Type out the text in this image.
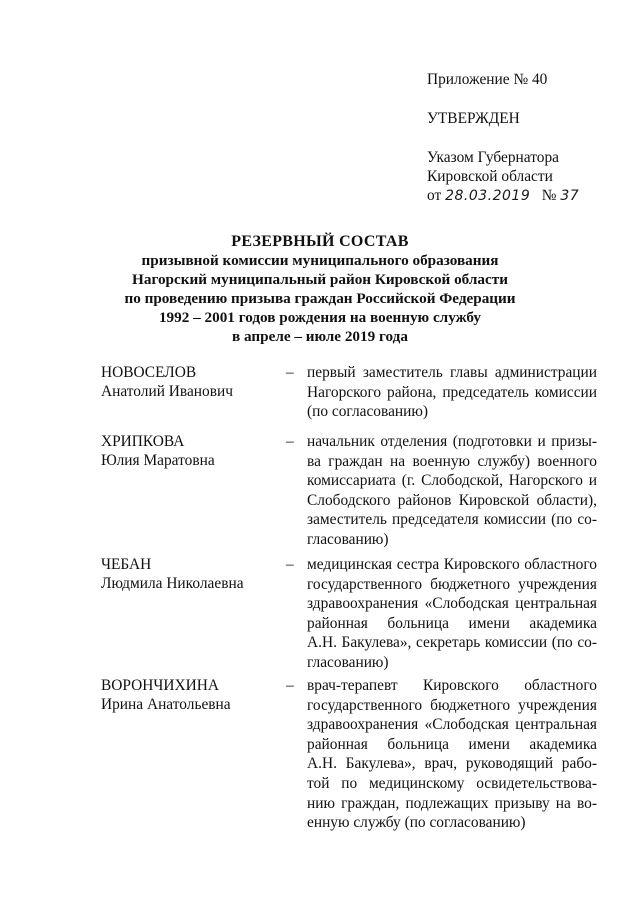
Приложение № 40
УТВЕРЖДЕН
Указом Губернатора
Кировской области
от 28.03.2019 № 37
РЕЗЕРВНЫЙ СОСТАВ
призывной комиссии муниципального образования
Нагорский муниципальный район Кировской области
по проведению призыва граждан Российской Федерации
1992 – 2001 годов рождения на военную службу
в апреле – июле 2019 года
НОВОСЕЛОВ
Анатолий Иванович
– первый заместитель главы администрации
Нагорского района, председатель комиссии
(по согласованию)
ХРИПКОВА
Юлия Маратовна
– начальник отделения (подготовки и призы-
ва граждан на военную службу) военного
комиссариата (г. Слободской, Нагорского и
Слободского районов Кировской области),
заместитель председателя комиссии (по со-
гласованию)
ЧЕБАН
Людмила Николаевна
– медицинская сестра Кировского областного
государственного бюджетного учреждения
здравоохранения «Слободская центральная
районная больница имени академика
А.Н. Бакулева», секретарь комиссии (по со-
гласованию)
ВОРОНЧИХИНА
Ирина Анатольевна
– врач-терапевт Кировского областного
государственного бюджетного учреждения
здравоохранения «Слободская центральная
районная больница имени академика
А.Н. Бакулева», врач, руководящий рабо-
той по медицинскому освидетельствова-
нию граждан, подлежащих призыву на во-
енную службу (по согласованию)
